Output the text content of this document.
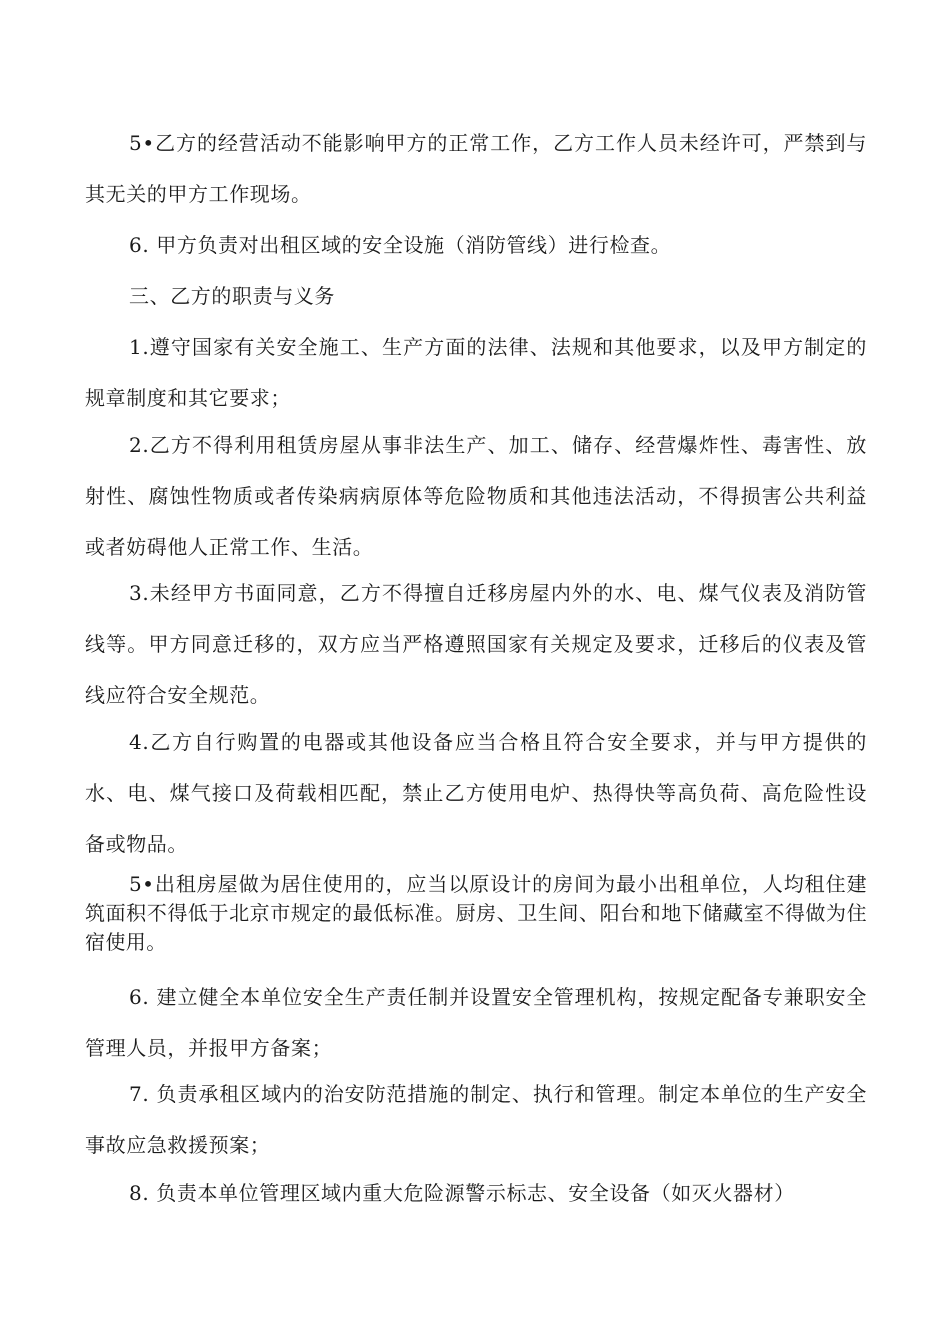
5•乙方的经营活动不能影响甲方的正常工作，乙方工作人员未经许可，严禁到与其无关的甲方工作现场。

6. 甲方负责对出租区域的安全设施（消防管线）进行检查。

三、乙方的职责与义务

1.遵守国家有关安全施工、生产方面的法律、法规和其他要求，以及甲方制定的规章制度和其它要求；

2.乙方不得利用租赁房屋从事非法生产、加工、储存、经营爆炸性、毒害性、放射性、腐蚀性物质或者传染病病原体等危险物质和其他违法活动，不得损害公共利益或者妨碍他人正常工作、生活。

3.未经甲方书面同意，乙方不得擅自迁移房屋内外的水、电、煤气仪表及消防管线等。甲方同意迁移的，双方应当严格遵照国家有关规定及要求，迁移后的仪表及管线应符合安全规范。

4.乙方自行购置的电器或其他设备应当合格且符合安全要求，并与甲方提供的水、电、煤气接口及荷载相匹配，禁止乙方使用电炉、热得快等高负荷、高危险性设备或物品。

5•出租房屋做为居住使用的，应当以原设计的房间为最小出租单位，人均租住建筑面积不得低于北京市规定的最低标准。厨房、卫生间、阳台和地下储藏室不得做为住宿使用。

6. 建立健全本单位安全生产责任制并设置安全管理机构，按规定配备专兼职安全管理人员，并报甲方备案；

7. 负责承租区域内的治安防范措施的制定、执行和管理。制定本单位的生产安全事故应急救援预案；

8. 负责本单位管理区域内重大危险源警示标志、安全设备（如灭火器材）
